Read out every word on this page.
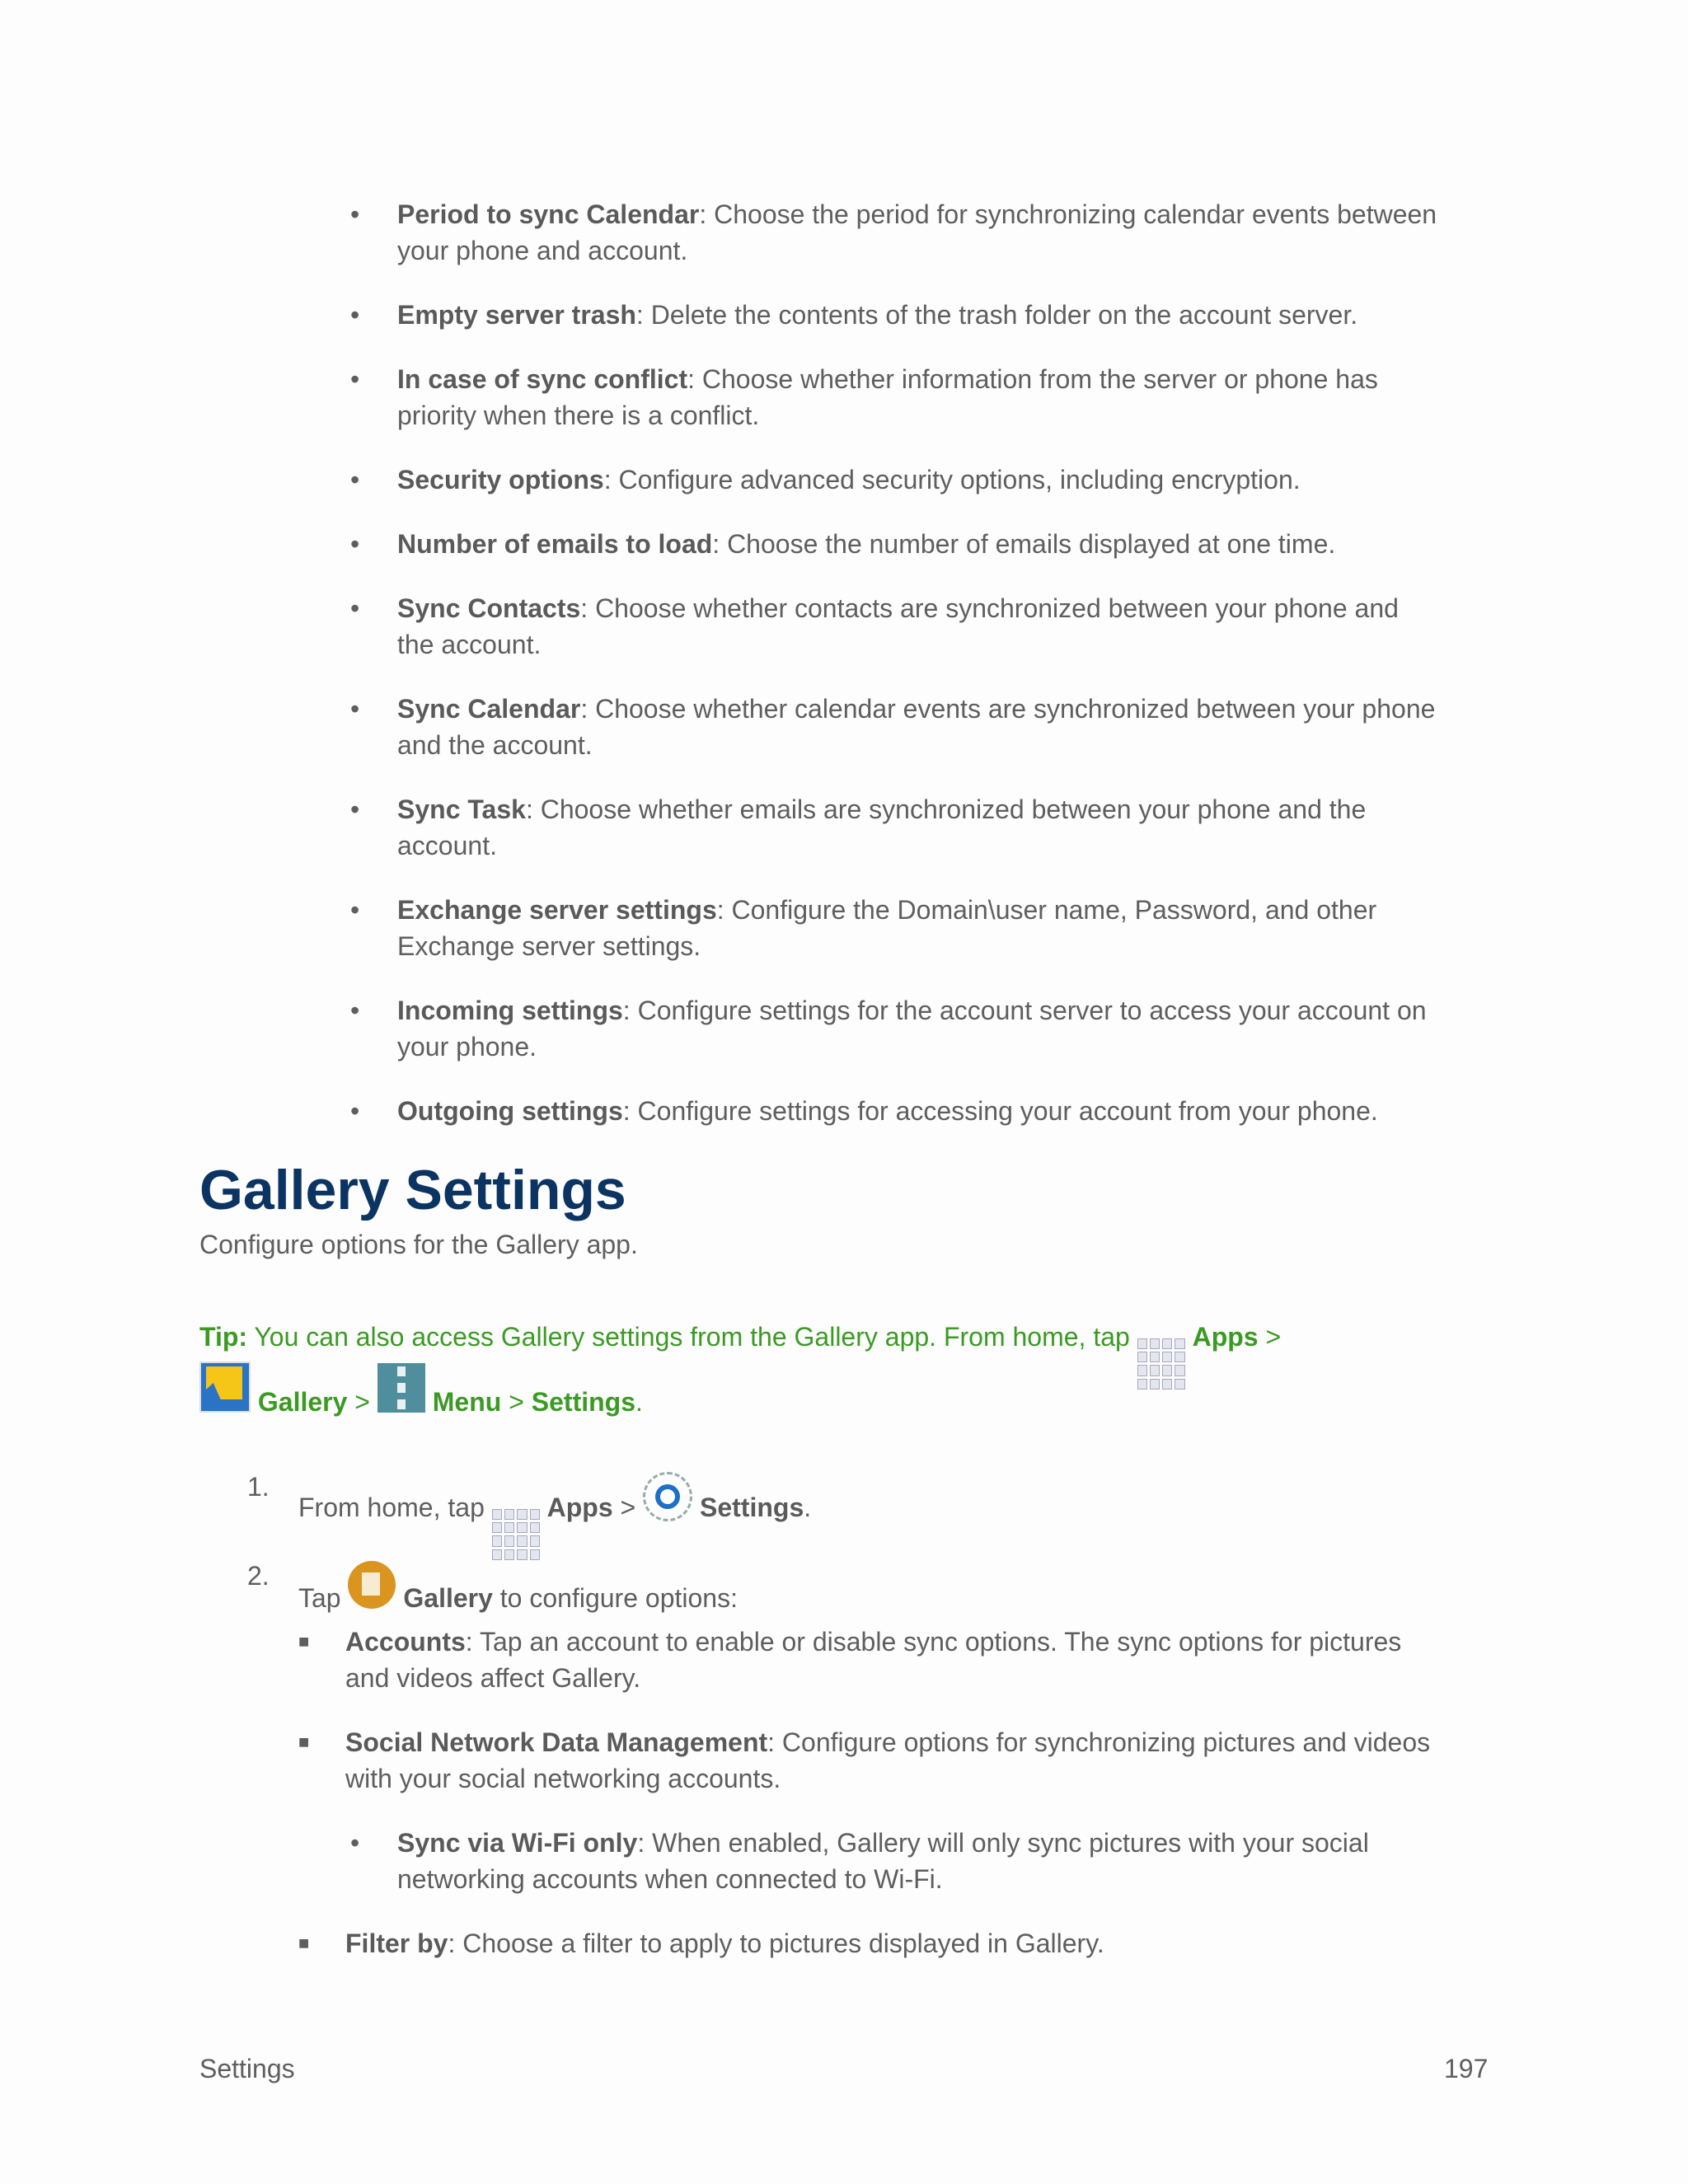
•	Period to sync Calendar: Choose the period for synchronizing calendar events between
your phone and account.
•	Empty server trash: Delete the contents of the trash folder on the account server.
•	In case of sync conflict: Choose whether information from the server or phone has
priority when there is a conflict.
•	Security options: Configure advanced security options, including encryption.
•	Number of emails to load: Choose the number of emails displayed at one time.
•	Sync Contacts: Choose whether contacts are synchronized between your phone and
the account.
•	Sync Calendar: Choose whether calendar events are synchronized between your phone
and the account.
•	Sync Task: Choose whether emails are synchronized between your phone and the
account.
•	Exchange server settings: Configure the Domain\user name, Password, and other
Exchange server settings.
•	Incoming settings: Configure settings for the account server to access your account on
your phone.
•	Outgoing settings: Configure settings for accessing your account from your phone.
Gallery Settings
Configure options for the Gallery app.
Tip: You can also access Gallery settings from the Gallery app. From home, tap
Apps >
Gallery >
Menu > Settings.
1.
From home, tap
Apps >  Settings.
2.
Tap  Gallery to configure options:
■	Accounts: Tap an account to enable or disable sync options. The sync options for pictures
and videos affect Gallery.
■	Social Network Data Management: Configure options for synchronizing pictures and videos
with your social networking accounts.
•	Sync via Wi-Fi only: When enabled, Gallery will only sync pictures with your social
networking accounts when connected to Wi-Fi.
■	Filter by: Choose a filter to apply to pictures displayed in Gallery.
Settings	197
